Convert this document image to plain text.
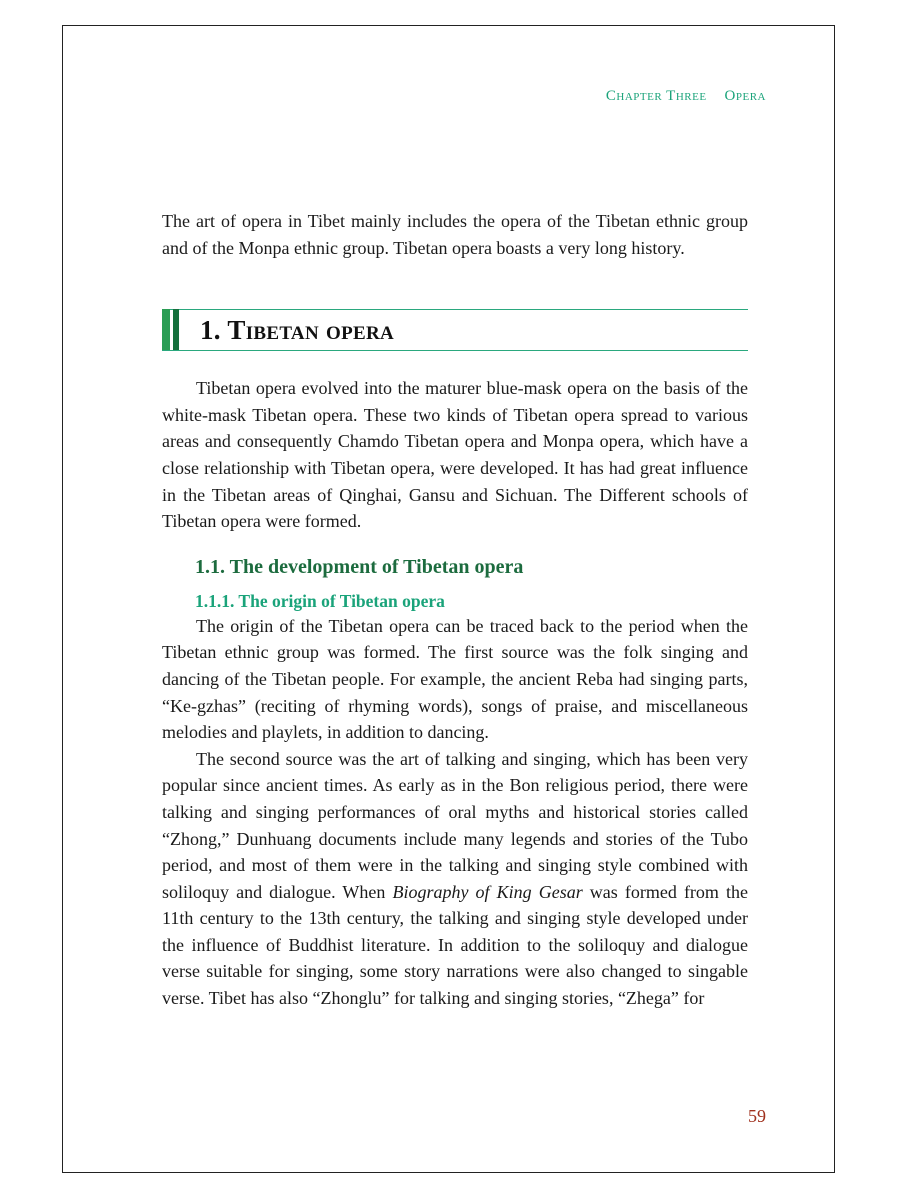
Chapter Three Opera

The art of opera in Tibet mainly includes the opera of the Tibetan ethnic group and of the Monpa ethnic group. Tibetan opera boasts a very long history.

1. Tibetan opera

Tibetan opera evolved into the maturer blue-mask opera on the basis of the white-mask Tibetan opera. These two kinds of Tibetan opera spread to various areas and consequently Chamdo Tibetan opera and Monpa opera, which have a close relationship with Tibetan opera, were developed. It has had great influence in the Tibetan areas of Qinghai, Gansu and Sichuan. The Different schools of Tibetan opera were formed.

1.1. The development of Tibetan opera
1.1.1. The origin of Tibetan opera

The origin of the Tibetan opera can be traced back to the period when the Tibetan ethnic group was formed. The first source was the folk singing and dancing of the Tibetan people. For example, the ancient Reba had singing parts, “Ke-gzhas” (reciting of rhyming words), songs of praise, and miscellaneous melodies and playlets, in addition to dancing.

The second source was the art of talking and singing, which has been very popular since ancient times. As early as in the Bon religious period, there were talking and singing performances of oral myths and historical stories called “Zhong,” Dunhuang documents include many legends and stories of the Tubo period, and most of them were in the talking and singing style combined with soliloquy and dialogue. When Biography of King Gesar was formed from the 11th century to the 13th century, the talking and singing style developed under the influence of Buddhist literature. In addition to the soliloquy and dialogue verse suitable for singing, some story narrations were also changed to singable verse. Tibet has also “Zhonglu” for talking and singing stories, “Zhega” for

59
